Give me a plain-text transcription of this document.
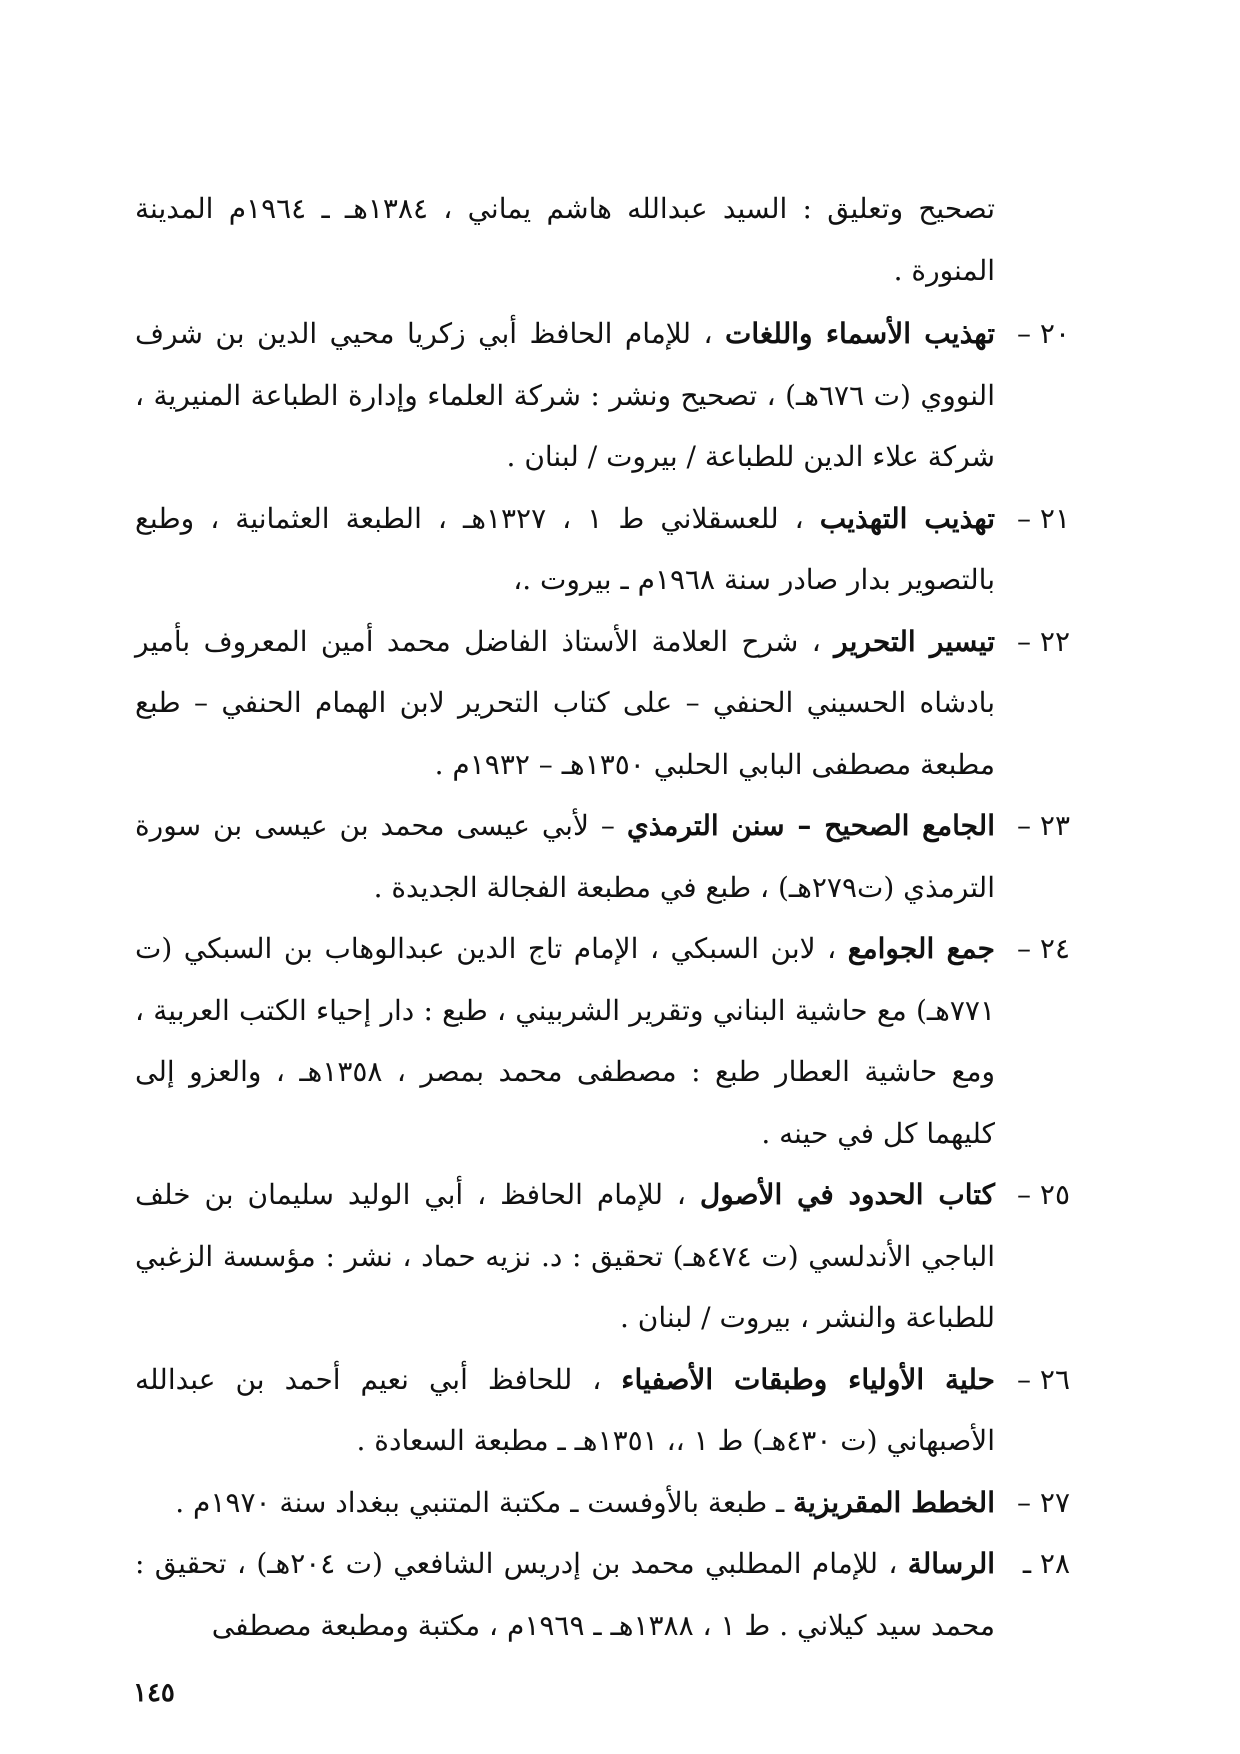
تصحيح وتعليق : السيد عبدالله هاشم يماني ، ١٣٨٤هـ ـ ١٩٦٤م المدينة المنورة .

٢٠ –
تهذيب الأسماء واللغات ، للإمام الحافظ أبي زكريا محيي الدين بن شرف النووي (ت ٦٧٦هـ) ، تصحيح ونشر : شركة العلماء وإدارة الطباعة المنيرية ، شركة علاء الدين للطباعة / بيروت / لبنان .

٢١ –
تهذيب التهذيب ، للعسقلاني ط ١ ، ١٣٢٧هـ ، الطبعة العثمانية ، وطبع بالتصوير بدار صادر سنة ١٩٦٨م ـ بيروت .،

٢٢ –
تيسير التحرير ، شرح العلامة الأستاذ الفاضل محمد أمين المعروف بأمير بادشاه الحسيني الحنفي – على كتاب التحرير لابن الهمام الحنفي – طبع مطبعة مصطفى البابي الحلبي ١٣٥٠هـ – ١٩٣٢م .

٢٣ –
الجامع الصحيح – سنن الترمذي – لأبي عيسى محمد بن عيسى بن سورة الترمذي (ت٢٧٩هـ) ، طبع في مطبعة الفجالة الجديدة .

٢٤ –
جمع الجوامع ، لابن السبكي ، الإمام تاج الدين عبدالوهاب بن السبكي (ت ٧٧١هـ) مع حاشية البناني وتقرير الشربيني ، طبع : دار إحياء الكتب العربية ، ومع حاشية العطار طبع : مصطفى محمد بمصر ، ١٣٥٨هـ ، والعزو إلى كليهما كل في حينه .

٢٥ –
كتاب الحدود في الأصول ، للإمام الحافظ ، أبي الوليد سليمان بن خلف الباجي الأندلسي (ت ٤٧٤هـ) تحقيق : د. نزيه حماد ، نشر : مؤسسة الزغبي للطباعة والنشر ، بيروت / لبنان .

٢٦ –
حلية الأولياء وطبقات الأصفياء ، للحافظ أبي نعيم أحمد بن عبدالله الأصبهاني (ت ٤٣٠هـ) ط ١ ،، ١٣٥١هـ ـ مطبعة السعادة .

٢٧ –
الخطط المقريزية ـ طبعة بالأوفست ـ مكتبة المتنبي ببغداد سنة ١٩٧٠م .

٢٨ ـ
الرسالة ، للإمام المطلبي محمد بن إدريس الشافعي (ت ٢٠٤هـ) ، تحقيق : محمد سيد كيلاني . ط ١ ، ١٣٨٨هـ ـ ١٩٦٩م ، مكتبة ومطبعة مصطفى

١٤٥
